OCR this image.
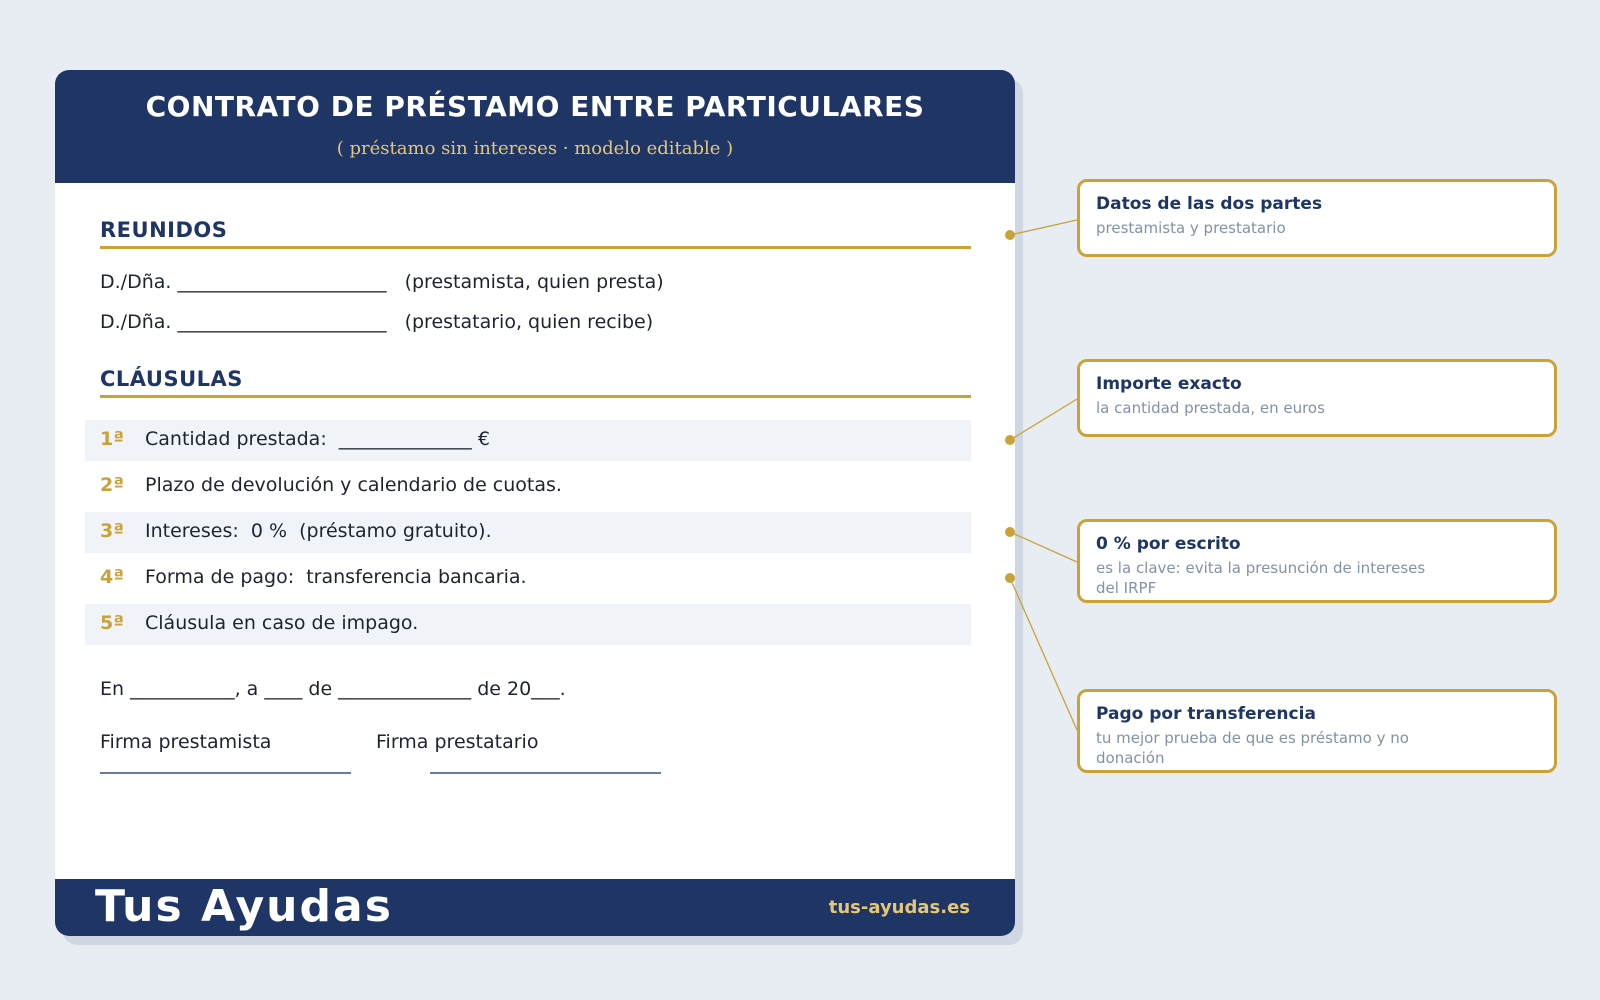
CONTRATO DE PRÉSTAMO ENTRE PARTICULARES
( préstamo sin intereses · modelo editable )
REUNIDOS
D./Dña. ______________________   (prestamista, quien presta)
D./Dña. ______________________   (prestatario, quien recibe)
CLÁUSULAS
1ª Cantidad prestada:  ______________ €
2ª Plazo de devolución y calendario de cuotas.
3ª Intereses:  0 %  (préstamo gratuito).
4ª Forma de pago:  transferencia bancaria.
5ª Cláusula en caso de impago.
En ___________, a ____ de ______________ de 20___.
Firma prestamista	Firma prestatario
Tus Ayudas	tus-ayudas.es
Datos de las dos partes
prestamista y prestatario
Importe exacto
la cantidad prestada, en euros
0 % por escrito
es la clave: evita la presunción de intereses del IRPF
Pago por transferencia
tu mejor prueba de que es préstamo y no donación
